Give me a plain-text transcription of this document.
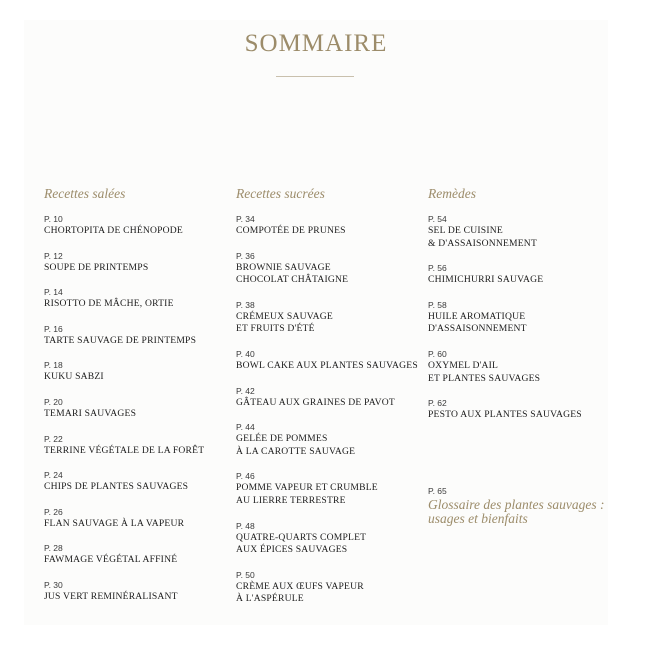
SOMMAIRE
Recettes salées
P. 10
CHORTOPITA DE CHÉNOPODE
P. 12
SOUPE DE PRINTEMPS
P. 14
RISOTTO DE MÂCHE, ORTIE
P. 16
TARTE SAUVAGE DE PRINTEMPS
P. 18
KUKU SABZI
P. 20
TEMARI SAUVAGES
P. 22
TERRINE VÉGÉTALE DE LA FORÊT
P. 24
CHIPS DE PLANTES SAUVAGES
P. 26
FLAN SAUVAGE À LA VAPEUR
P. 28
FAWMAGE VÉGÉTAL AFFINÉ
P. 30
JUS VERT REMINÉRALISANT
Recettes sucrées
P. 34
COMPOTÉE DE PRUNES
P. 36
BROWNIE SAUVAGE
CHOCOLAT CHÂTAIGNE
P. 38
CRÉMEUX SAUVAGE
ET FRUITS D'ÉTÉ
P. 40
BOWL CAKE AUX PLANTES SAUVAGES
P. 42
GÂTEAU AUX GRAINES DE PAVOT
P. 44
GELÉE DE POMMES
À LA CAROTTE SAUVAGE
P. 46
POMME VAPEUR ET CRUMBLE
AU LIERRE TERRESTRE
P. 48
QUATRE-QUARTS COMPLET
AUX ÉPICES SAUVAGES
P. 50
CRÈME AUX ŒUFS VAPEUR
À L'ASPÉRULE
Remèdes
P. 54
SEL DE CUISINE
& D'ASSAISONNEMENT
P. 56
CHIMICHURRI SAUVAGE
P. 58
HUILE AROMATIQUE
D'ASSAISONNEMENT
P. 60
OXYMEL D'AIL
ET PLANTES SAUVAGES
P. 62
PESTO AUX PLANTES SAUVAGES
P. 65
Glossaire des plantes sauvages :
usages et bienfaits
